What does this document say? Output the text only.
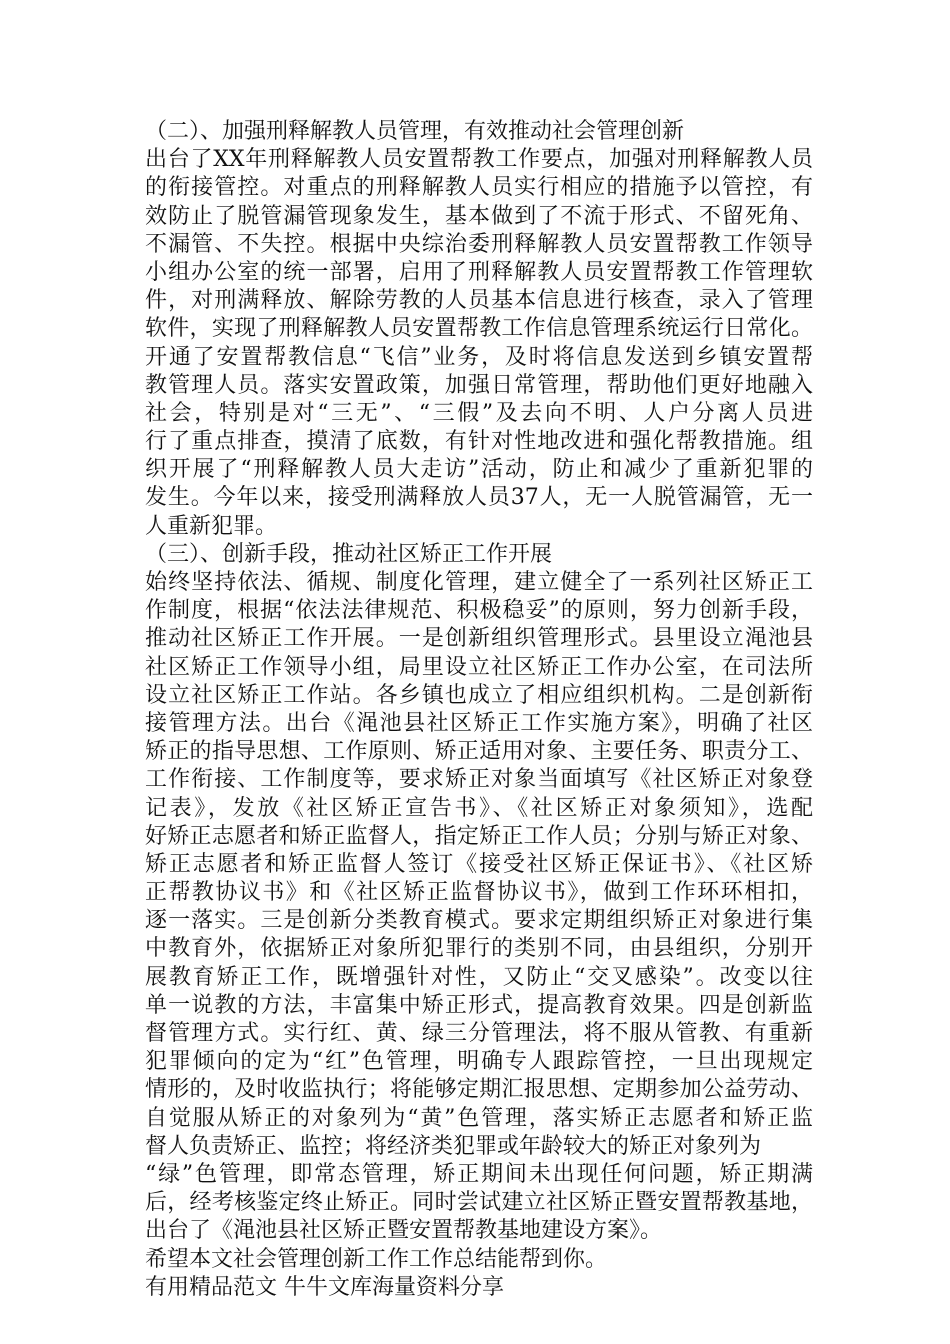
（二）、加强刑释解教人员管理，有效推动社会管理创新
出台了XX年刑释解教人员安置帮教工作要点，加强对刑释解教人员
的衔接管控。对重点的刑释解教人员实行相应的措施予以管控，有
效防止了脱管漏管现象发生，基本做到了不流于形式、不留死角、
不漏管、不失控。根据中央综治委刑释解教人员安置帮教工作领导
小组办公室的统一部署，启用了刑释解教人员安置帮教工作管理软
件，对刑满释放、解除劳教的人员基本信息进行核查，录入了管理
软件，实现了刑释解教人员安置帮教工作信息管理系统运行日常化。
开通了安置帮教信息“飞信”业务，及时将信息发送到乡镇安置帮
教管理人员。落实安置政策，加强日常管理，帮助他们更好地融入
社会，特别是对“三无”、“三假”及去向不明、人户分离人员进
行了重点排查，摸清了底数，有针对性地改进和强化帮教措施。组
织开展了“刑释解教人员大走访”活动，防止和减少了重新犯罪的
发生。今年以来，接受刑满释放人员37人，无一人脱管漏管，无一
人重新犯罪。
（三）、创新手段，推动社区矫正工作开展
始终坚持依法、循规、制度化管理，建立健全了一系列社区矫正工
作制度，根据“依法法律规范、积极稳妥”的原则，努力创新手段，
推动社区矫正工作开展。一是创新组织管理形式。县里设立渑池县
社区矫正工作领导小组，局里设立社区矫正工作办公室，在司法所
设立社区矫正工作站。各乡镇也成立了相应组织机构。二是创新衔
接管理方法。出台《渑池县社区矫正工作实施方案》，明确了社区
矫正的指导思想、工作原则、矫正适用对象、主要任务、职责分工、
工作衔接、工作制度等，要求矫正对象当面填写《社区矫正对象登
记表》，发放《社区矫正宣告书》、《社区矫正对象须知》，选配
好矫正志愿者和矫正监督人，指定矫正工作人员；分别与矫正对象、
矫正志愿者和矫正监督人签订《接受社区矫正保证书》、《社区矫
正帮教协议书》和《社区矫正监督协议书》，做到工作环环相扣，
逐一落实。三是创新分类教育模式。要求定期组织矫正对象进行集
中教育外，依据矫正对象所犯罪行的类别不同，由县组织，分别开
展教育矫正工作，既增强针对性，又防止“交叉感染”。改变以往
单一说教的方法，丰富集中矫正形式，提高教育效果。四是创新监
督管理方式。实行红、黄、绿三分管理法，将不服从管教、有重新
犯罪倾向的定为“红”色管理，明确专人跟踪管控，一旦出现规定
情形的，及时收监执行；将能够定期汇报思想、定期参加公益劳动、
自觉服从矫正的对象列为“黄”色管理，落实矫正志愿者和矫正监
督人负责矫正、监控；将经济类犯罪或年龄较大的矫正对象列为
“绿”色管理，即常态管理，矫正期间未出现任何问题，矫正期满
后，经考核鉴定终止矫正。同时尝试建立社区矫正暨安置帮教基地，
出台了《渑池县社区矫正暨安置帮教基地建设方案》。
希望本文社会管理创新工作工作总结能帮到你。
有用精品范文 牛牛文库海量资料分享
